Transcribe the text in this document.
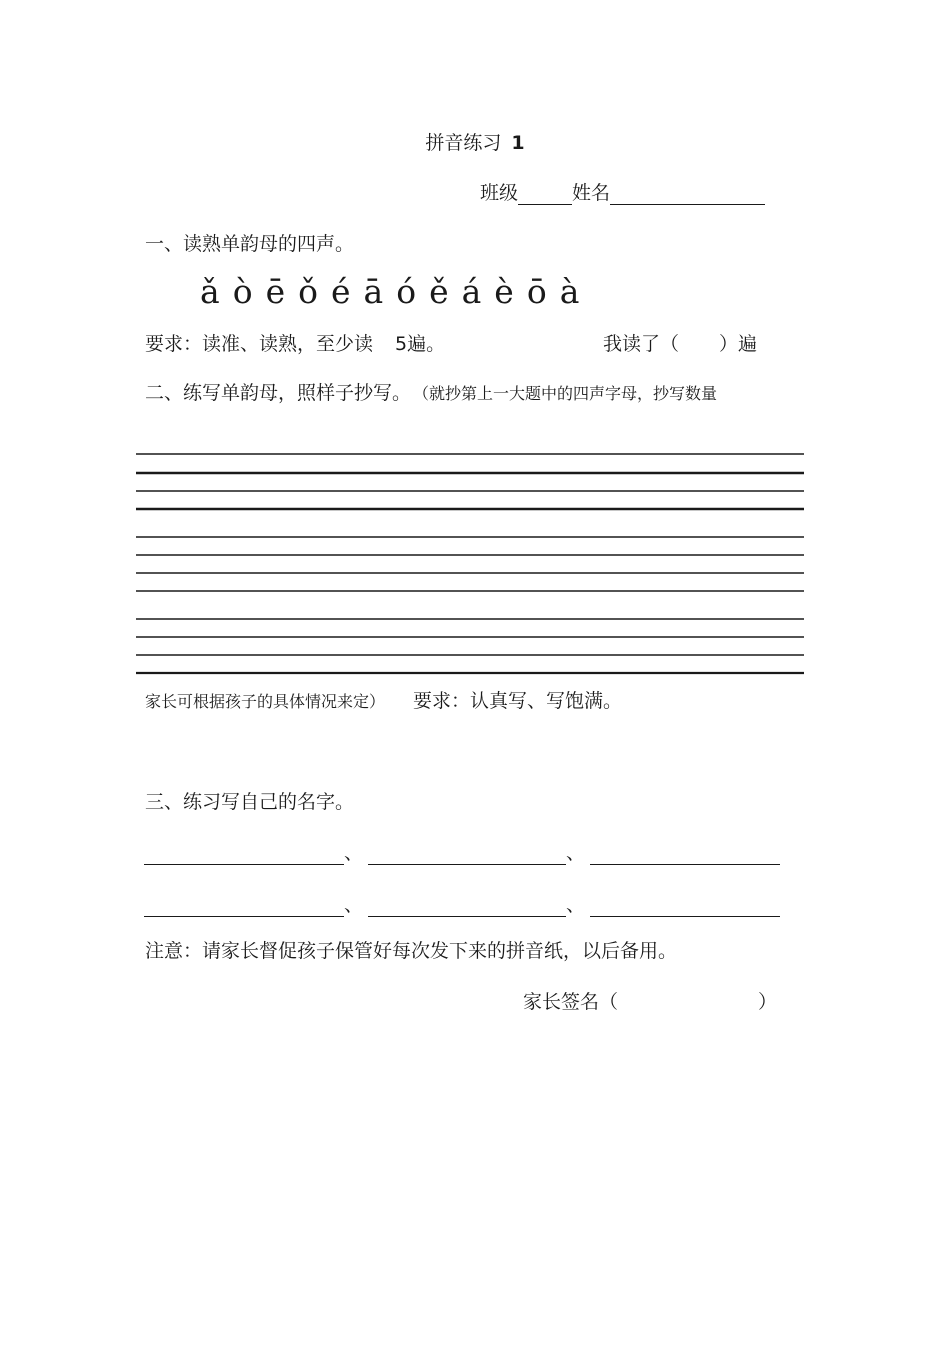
拼音练习 1
班级	姓名
一、读熟单韵母的四声。
ǎ ò ē ǒ é ā ó ě á è ō à
要求：读准、读熟，至少读 5遍。	我读了（ ）遍
二、练写单韵母，照样子抄写。 （就抄第上一大题中的四声字母，抄写数量
家长可根据孩子的具体情况来定） 要求：认真写、写饱满。
三、练习写自己的名字。
、	、
、	、
注意：请家长督促孩子保管好每次发下来的拼音纸，以后备用。
家长签名（	）
